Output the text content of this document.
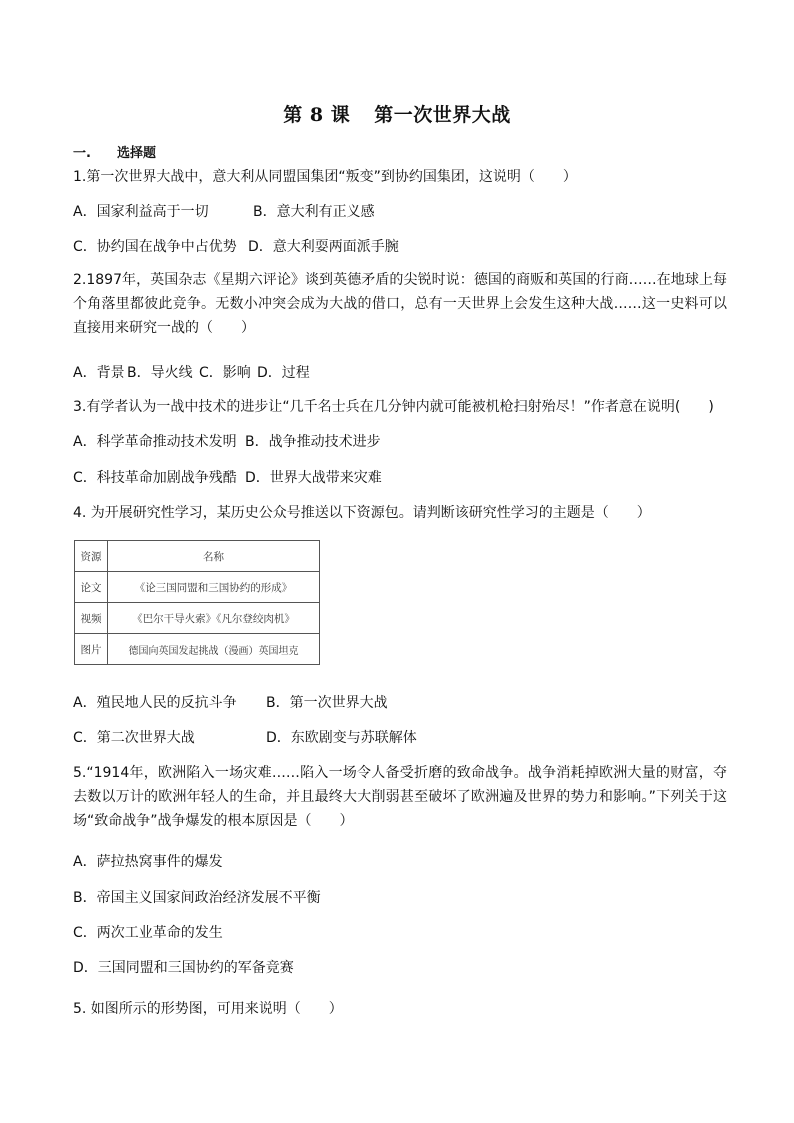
第 8 课 第一次世界大战
一. 选择题
1.第一次世界大战中，意大利从同盟国集团“叛变”到协约国集团，这说明（　　）
A．国家利益高于一切	B．意大利有正义感
C．协约国在战争中占优势 D．意大利耍两面派手腕
2.1897年，英国杂志《星期六评论》谈到英德矛盾的尖锐时说：德国的商贩和英国的行商……在地球上每个角落里都彼此竞争。无数小冲突会成为大战的借口，总有一天世界上会发生这种大战……这一史料可以直接用来研究一战的（　　）
A．背景 B．导火线 C．影响 D．过程
3.有学者认为一战中技术的进步让“几千名士兵在几分钟内就可能被机枪扫射殆尽！”作者意在说明(　　)
A．科学革命推动技术发明 B．战争推动技术进步
C．科技革命加剧战争残酷 D．世界大战带来灾难
4. 为开展研究性学习，某历史公众号推送以下资源包。请判断该研究性学习的主题是（　　）
资源	名称
论文	《论三国同盟和三国协约的形成》
视频	《巴尔干导火索》《凡尔登绞肉机》
图片	德国向英国发起挑战（漫画）英国坦克
A．殖民地人民的反抗斗争 B．第一次世界大战
C．第二次世界大战	D．东欧剧变与苏联解体
5.“1914年，欧洲陷入一场灾难……陷入一场令人备受折磨的致命战争。战争消耗掉欧洲大量的财富，夺去数以万计的欧洲年轻人的生命，并且最终大大削弱甚至破坏了欧洲遍及世界的势力和影响。”下列关于这场“致命战争”战争爆发的根本原因是（　　）
A．萨拉热窝事件的爆发
B．帝国主义国家间政治经济发展不平衡
C．两次工业革命的发生
D．三国同盟和三国协约的军备竞赛
5. 如图所示的形势图，可用来说明（　　）
